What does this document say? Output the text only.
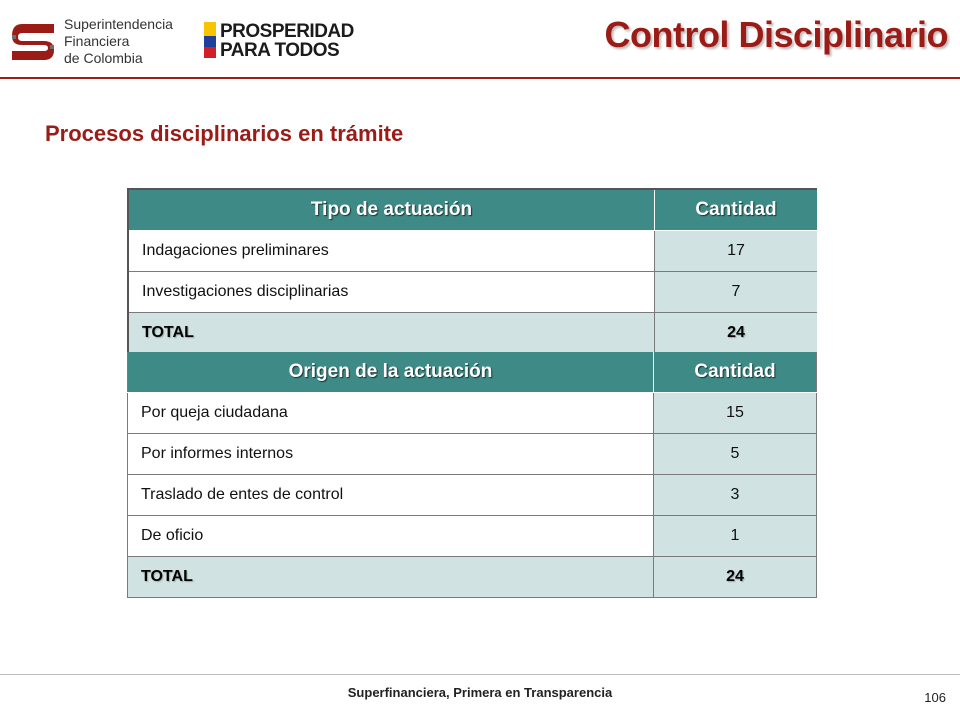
Superintendencia
Financiera
de Colombia
PROSPERIDAD
PARA TODOS	Control Disciplinario
Procesos disciplinarios en trámite
Tipo de actuación	Cantidad
Indagaciones preliminares	17
Investigaciones disciplinarias	7
TOTAL	24
Origen de la actuación	Cantidad
Por queja ciudadana	15
Por informes internos	5
Traslado de entes de control	3
De oficio	1
TOTAL	24
Superfinanciera, Primera en Transparencia	106
